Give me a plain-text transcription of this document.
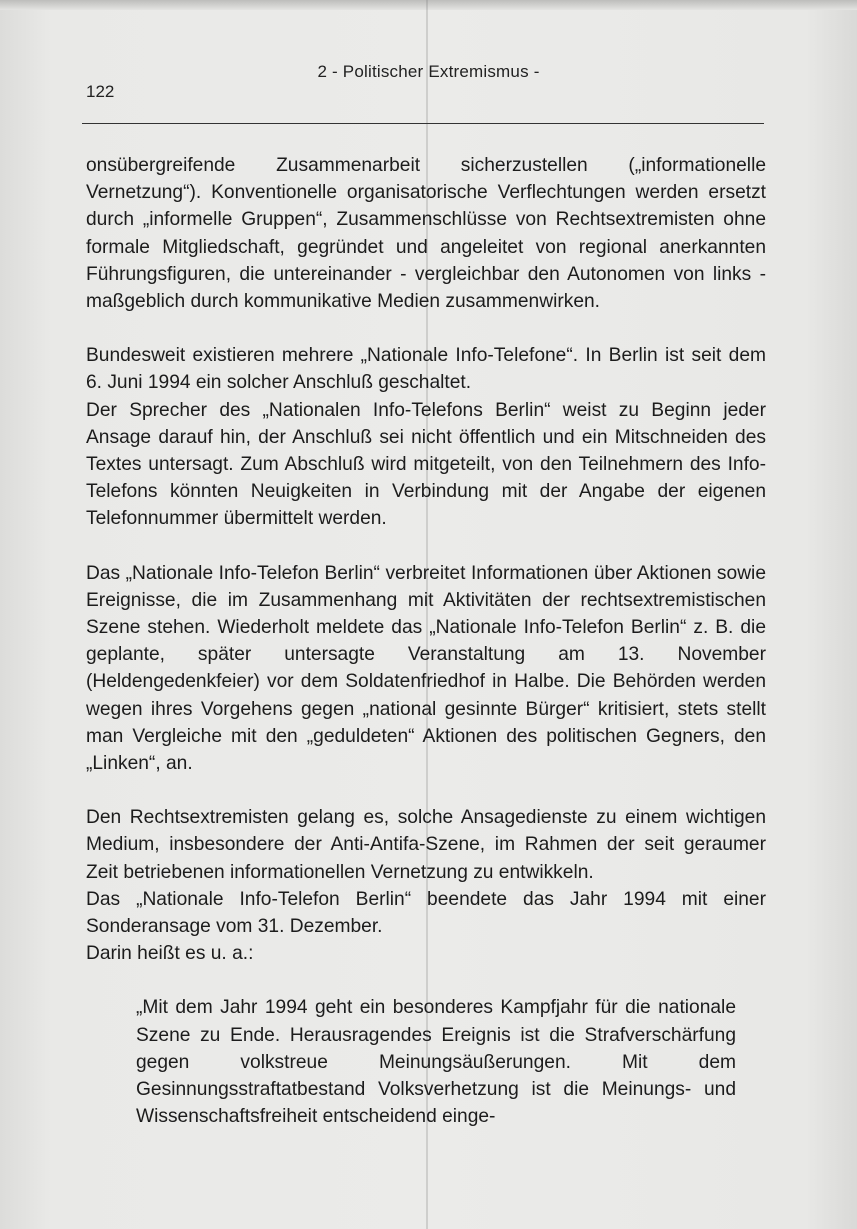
2 - Politischer Extremismus -
122

onsübergreifende Zusammenarbeit sicherzustellen („informationelle Vernetzung“). Konventionelle organisatorische Verflechtungen werden ersetzt durch „informelle Gruppen“, Zusammenschlüsse von Rechtsextremisten ohne formale Mitgliedschaft, gegründet und angeleitet von regional anerkannten Führungsfiguren, die untereinander - vergleichbar den Autonomen von links - maßgeblich durch kommunikative Medien zusammenwirken.

Bundesweit existieren mehrere „Nationale Info-Telefone“. In Berlin ist seit dem 6. Juni 1994 ein solcher Anschluß geschaltet.

Der Sprecher des „Nationalen Info-Telefons Berlin“ weist zu Beginn jeder Ansage darauf hin, der Anschluß sei nicht öffentlich und ein Mitschneiden des Textes untersagt. Zum Abschluß wird mitgeteilt, von den Teilnehmern des Info-Telefons könnten Neuigkeiten in Verbindung mit der Angabe der eigenen Telefonnummer übermittelt werden.

Das „Nationale Info-Telefon Berlin“ verbreitet Informationen über Aktionen sowie Ereignisse, die im Zusammenhang mit Aktivitäten der rechtsextremistischen Szene stehen. Wiederholt meldete das „Nationale Info-Telefon Berlin“ z. B. die geplante, später untersagte Veranstaltung am 13. November (Heldengedenkfeier) vor dem Soldatenfriedhof in Halbe. Die Behörden werden wegen ihres Vorgehens gegen „national gesinnte Bürger“ kritisiert, stets stellt man Vergleiche mit den „geduldeten“ Aktionen des politischen Gegners, den „Linken“, an.

Den Rechtsextremisten gelang es, solche Ansagedienste zu einem wichtigen Medium, insbesondere der Anti-Antifa-Szene, im Rahmen der seit geraumer Zeit betriebenen informationellen Vernetzung zu entwikkeln.

Das „Nationale Info-Telefon Berlin“ beendete das Jahr 1994 mit einer Sonderansage vom 31. Dezember.

Darin heißt es u. a.:

„Mit dem Jahr 1994 geht ein besonderes Kampfjahr für die nationale Szene zu Ende. Herausragendes Ereignis ist die Strafverschärfung gegen volkstreue Meinungsäußerungen. Mit dem Gesinnungsstraftatbestand Volksverhetzung ist die Meinungs- und Wissenschaftsfreiheit entscheidend einge-
